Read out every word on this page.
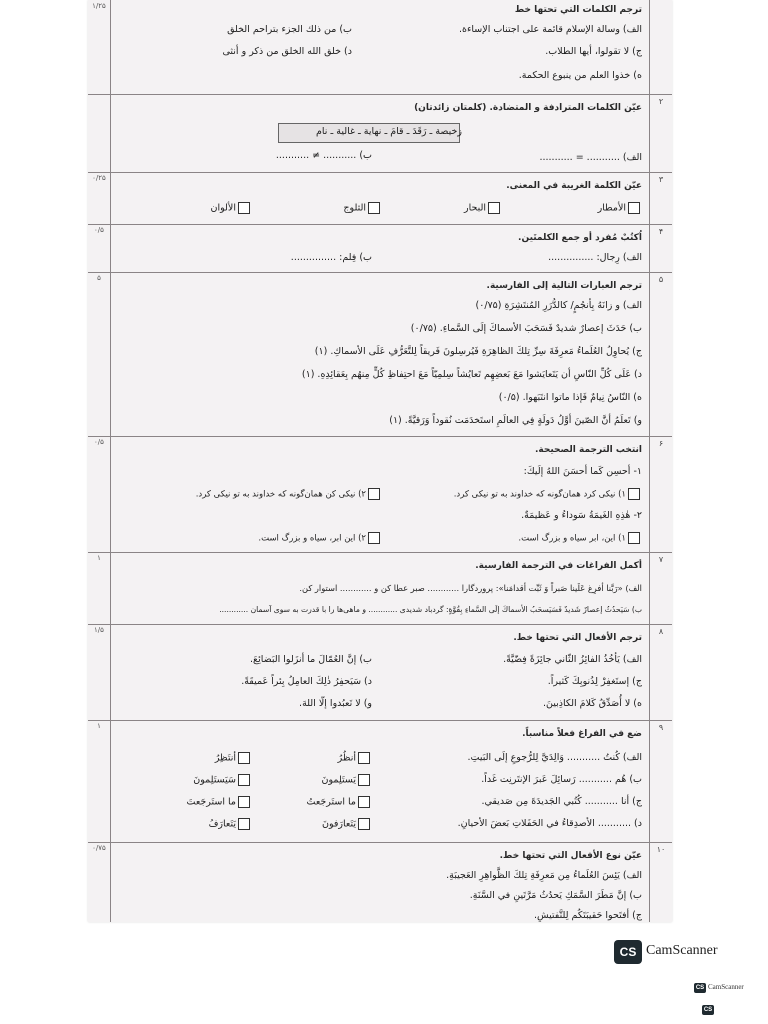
۱/۲۵	ترجم الكلمات التي تحتها خط
الف) وسالة الإسلام قائمة على اجتناب الإساءة.
ب) من ذلك الجزء بتراحم الخلق
ج) لا تقولوا، أيها الطلاب.
د) خلق الله الخلق من ذكر و أنثى
ه) خذوا العلم من ينبوع الحكمة.
۲
عيّن الكلمات المترادفة و المتضادة. (كلمتان زائدتان)
زخيصة ـ رَقَدَ ـ قامَ ـ نهاية ـ غالية ـ نام
الف) ........... = ...........
ب) ........... ≠ ...........
۰/۲۵	۳
عيّن الكلمة الغريبة في المعنى.
الأمطار
البحار
الثلوج
الألوان
۰/۵	۴
اُكتُبْ مُفرد أو جمع الكلمتَين.
الف) رِجال: ...............
ب) فِلم: ...............
۵	۵
ترجم العبارات التالية إلى الفارسية.
الف) و زانَهُ بِأنجُمٍ/ كالدُّرَرِ المُنتَشِرَةِ (۰/۷۵)
ب) حَدَثَ إعصارٌ شديدٌ فَسَحَبَ الأسماكَ إلَى السَّماءِ. (۰/۷۵)
ج) يُحاوِلُ العُلَماءُ مَعرِفَةَ سِرِّ تِلكَ الظاهِرَةِ فَيُرسِلونَ فَريقاً لِلتَّعَرُّفِ عَلَى الأسماكِ. (۱)
د) عَلَى كُلِّ النّاسِ أن يَتَعايَشوا مَعَ بَعضِهِم تَعايُشاً سِلمِيّاً مَعَ احتِفاظِ كُلٍّ مِنهُم بِعَقائِدِهِ. (۱)
ه) النّاسُ نِيامٌ فَإذا ماتوا انتَبَهوا. (۰/۵)
و) تَعلَمُ أنَّ الصّينَ أوَّلُ دَولَةٍ فِي العالَمِ استَخدَمَت نُقوداً وَرَقيَّةً. (۱)
۰/۵	۶
انتخب الترجمة الصحيحة.
۱- أحسِن كَما أحسَنَ اللهُ إلَيكَ:
۱) نیکی کرد همان‌گونه که خداوند به تو نیکی کرد.
۲) نیکی کن همان‌گونه که خداوند به تو نیکی کرد.
۲- هٰذِهِ الغَيمَةُ سَوداءُ و عَظيمَةٌ.
۱) این، ابر سیاه و بزرگ است.
۲) این ابر، سیاه و بزرگ است.
۱	۷
أكمل الفراغات في الترجمة الفارسية.
الف) «رَبَّنا أفرِغ عَلَينا صَبراً وَ ثَبِّت أقدامَنا»: پروردگارا ............ صبر عطا کن و ............ استوار کن.
ب) سَيَحدُثُ إعصارٌ شَديدٌ فَسَيَسحَبُ الأسماكَ إلَى السَّماءِ بِقُوَّةٍ: گردباد شدیدی ............ و ماهی‌ها را با قدرت به سوی آسمان ............
۱/۵	۸
ترجم الأفعال التي تحتها خط.
الف) يَأخُذُ الفائِزُ الثّاني جائِزَةً فِضّيَّةً.
ب) إنَّ العُمّالَ ما أنزَلوا البَضائِعَ.
ج) إستَغفِرْ لِذُنوبِكَ كَثيراً.
د) سَيَحفِرُ ذٰلِكَ العامِلُ بِئراً عَميقَةً.
ه) لا أُصَدِّقُ كَلامَ الكاذِبينَ.
و) لا تَعبُدوا إلّا اللهَ.
۱	۹
ضع في الفراغ فعلاً مناسباً.
الف) كُنتُ ........... وَالِدَيَّ لِلرُّجوعِ إلَى البَيتِ.
ب) هُم ........... رَسائِلَ عَبرَ الإنتَرنِت غَداً.
ج) أنا ........... كُتُبي الجَديدَةَ مِن صَديقي.
د) ........... الأصدِقاءُ في الحَفَلاتِ بَعضَ الأحيانِ.
أنظُرُ
يَستَلِمونَ
ما استَرجَعتُ
يَتَعارَفونَ
أنتَظِرُ
سَيَستَلِمونَ
ما استَرجَعتَ
يَتَعارَفُ
۰/۷۵	۱۰
عيّن نوع الأفعال التي تحتها خط.
الف) يَئِسَ العُلَماءُ مِن مَعرِفَةِ تِلكَ الظَّواهِرِ العَجيبَةِ.
ب) إنَّ مَطَرَ السَّمَكِ يَحدُثُ مَرَّتَينِ في السَّنَةِ.
ج) أفتَحوا حَقيبَتَكُم لِلتَّفتيشِ.
CS CamScanner
CS CamScanner
CS
